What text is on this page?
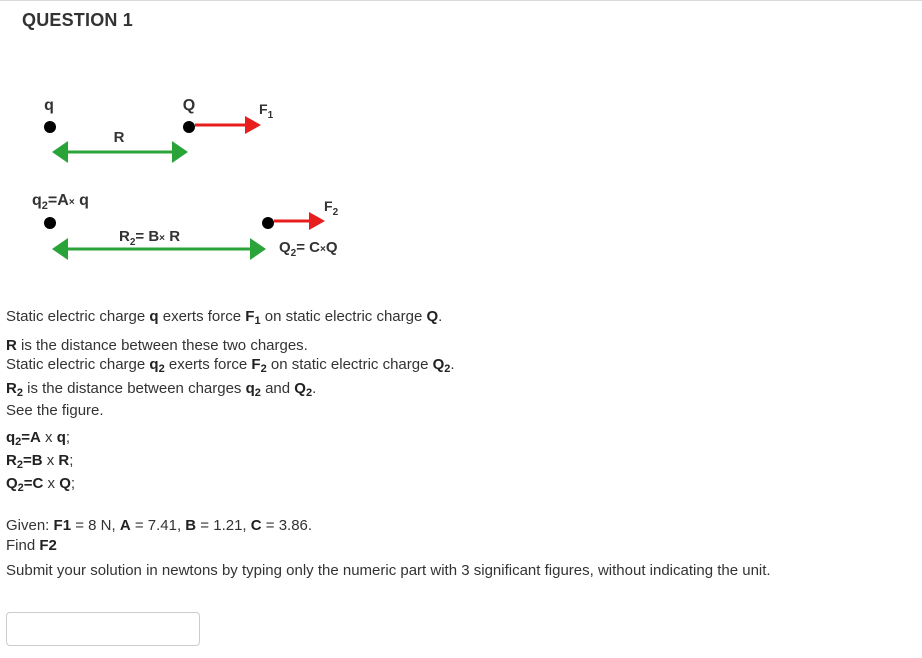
QUESTION 1
q	Q	$F_1$
R
$q_2=A\times q$
$R_2= B\times R$
$F_2$
$Q_2= C\times Q$
Static electric charge q exerts force $F_1$ on static electric charge Q.
R is the distance between these two charges.
Static electric charge $q_2$ exerts force $F_2$ on static electric charge $Q_2$.
$R_2$ is the distance between charges $q_2$ and $Q_2$.
See the figure.
$q_2=A$ x q;
$R_2=B$ x R;
$Q_2=C$ x Q;
Given: F1 = 8 N, A = 7.41, B = 1.21, C = 3.86.
Find F2
Submit your solution in newtons by typing only the numeric part with 3 significant figures, without indicating the unit.
